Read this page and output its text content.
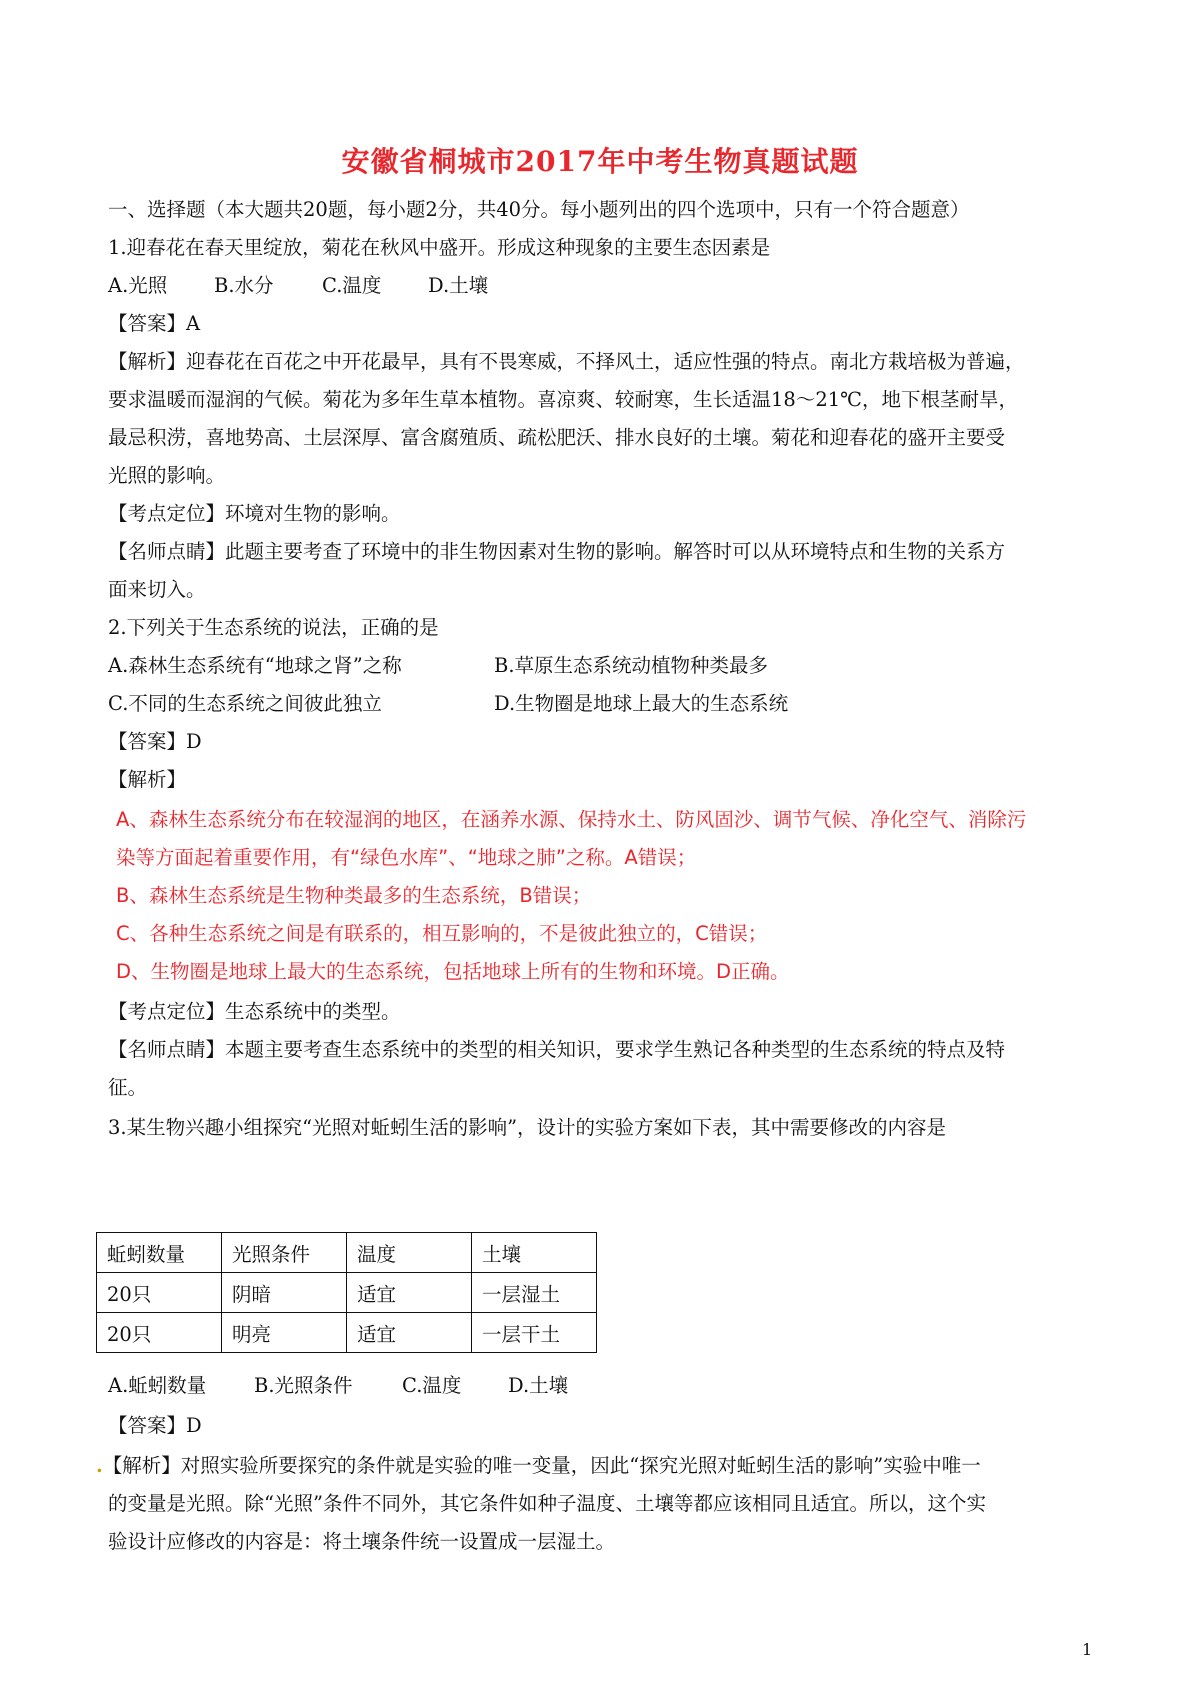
安徽省桐城市2017年中考生物真题试题
一、选择题（本大题共20题，每小题2分，共40分。每小题列出的四个选项中，只有一个符合题意）
1.迎春花在春天里绽放，菊花在秋风中盛开。形成这种现象的主要生态因素是
A.光照 B.水分 C.温度 D.土壤
【答案】A
【解析】迎春花在百花之中开花最早，具有不畏寒威，不择风土，适应性强的特点。南北方栽培极为普遍，
要求温暖而湿润的气候。菊花为多年生草本植物。喜凉爽、较耐寒，生长适温18～21℃，地下根茎耐旱，
最忌积涝，喜地势高、土层深厚、富含腐殖质、疏松肥沃、排水良好的土壤。菊花和迎春花的盛开主要受
光照的影响。
【考点定位】环境对生物的影响。
【名师点睛】此题主要考查了环境中的非生物因素对生物的影响。解答时可以从环境特点和生物的关系方
面来切入。
2.下列关于生态系统的说法，正确的是
A.森林生态系统有“地球之肾”之称	B.草原生态系统动植物种类最多
C.不同的生态系统之间彼此独立	D.生物圈是地球上最大的生态系统
【答案】D
【解析】
A、森林生态系统分布在较湿润的地区，在涵养水源、保持水土、防风固沙、调节气候、净化空气、消除污
染等方面起着重要作用，有“绿色水库”、“地球之肺”之称。A错误；
B、森林生态系统是生物种类最多的生态系统，B错误；
C、各种生态系统之间是有联系的，相互影响的，不是彼此独立的，C错误；
D、生物圈是地球上最大的生态系统，包括地球上所有的生物和环境。D正确。
【考点定位】生态系统中的类型。
【名师点睛】本题主要考查生态系统中的类型的相关知识，要求学生熟记各种类型的生态系统的特点及特
征。
3.某生物兴趣小组探究“光照对蚯蚓生活的影响”，设计的实验方案如下表，其中需要修改的内容是
蚯蚓数量	光照条件	温度	土壤
20只	阴暗	适宜	一层湿土
20只	明亮	适宜	一层干土
A.蚯蚓数量 B.光照条件	C.温度 D.土壤
【答案】D
.【解析】对照实验所要探究的条件就是实验的唯一变量，因此“探究光照对蚯蚓生活的影响”实验中唯一
的变量是光照。除“光照”条件不同外，其它条件如种子温度、土壤等都应该相同且适宜。所以，这个实
验设计应修改的内容是：将土壤条件统一设置成一层湿土。
1
